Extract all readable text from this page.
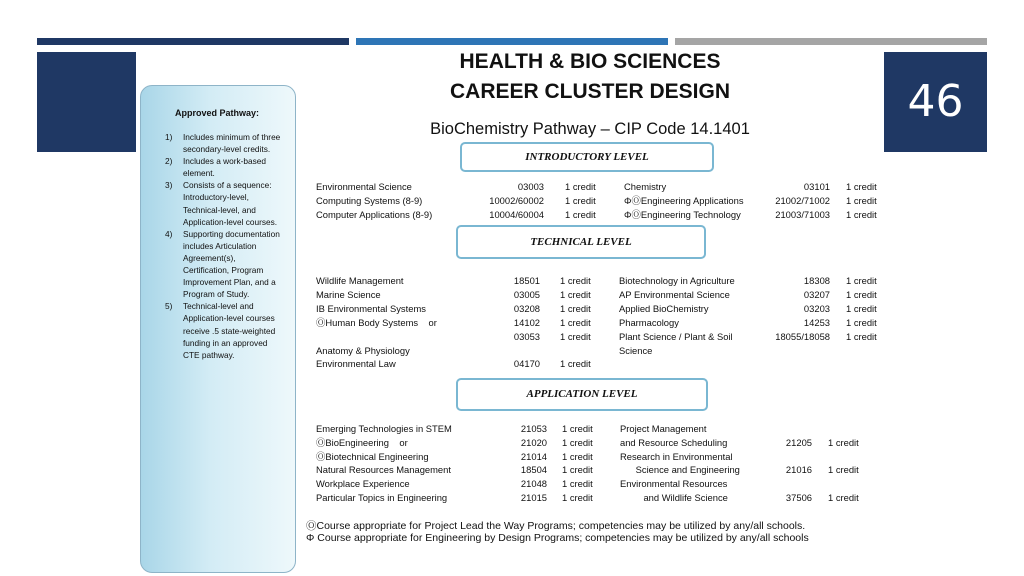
46
Approved Pathway:
1)	Includes minimum of three secondary-level credits.
2)	Includes a work-based element.
3)	Consists of a sequence: Introductory-level, Technical-level, and Application-level courses.
4)	Supporting documentation includes Articulation Agreement(s), Certification, Program Improvement Plan, and a Program of Study.
5)	Technical-level and Application-level courses receive .5 state-weighted funding in an approved CTE pathway.
HEALTH & BIO SCIENCES
CAREER CLUSTER DESIGN
BioChemistry Pathway – CIP Code 14.1401
INTRODUCTORY LEVEL
TECHNICAL LEVEL
APPLICATION LEVEL
Environmental Science	03003 1 credit
Computing Systems (8-9)	10002/60002 1 credit
Computer Applications (8-9)	10004/60004 1 credit
Chemistry	03101 1 credit
ΦⓄEngineering Applications	21002/71002 1 credit
ΦⓄEngineering Technology	21003/71003 1 credit
Wildlife Management	18501 1 credit
Marine Science	03005 1 credit
IB Environmental Systems	03208 1 credit
ⓄHuman Body Systems    or	14102 1 credit
03053 1 credit
Anatomy & Physiology
Environmental Law	04170 1 credit
Biotechnology in Agriculture	18308 1 credit
AP Environmental Science	03207 1 credit
Applied BioChemistry	03203 1 credit
Pharmacology	14253 1 credit
Plant Science / Plant & Soil	18055/18058 1 credit
Science
Emerging Technologies in STEM	21053 1 credit
ⓄBioEngineering    or	21020 1 credit
ⓄBiotechnical Engineering	21014 1 credit
Natural Resources Management	18504 1 credit
Workplace Experience	21048 1 credit
Particular Topics in Engineering	21015 1 credit
Project Management
and Resource Scheduling	21205 1 credit
Research in Environmental
Science and Engineering	21016 1 credit
Environmental Resources
and Wildlife Science	37506 1 credit
ⓄCourse appropriate for Project Lead the Way Programs; competencies may be utilized by any/all schools.
Φ Course appropriate for Engineering by Design Programs; competencies may be utilized by any/all schools
